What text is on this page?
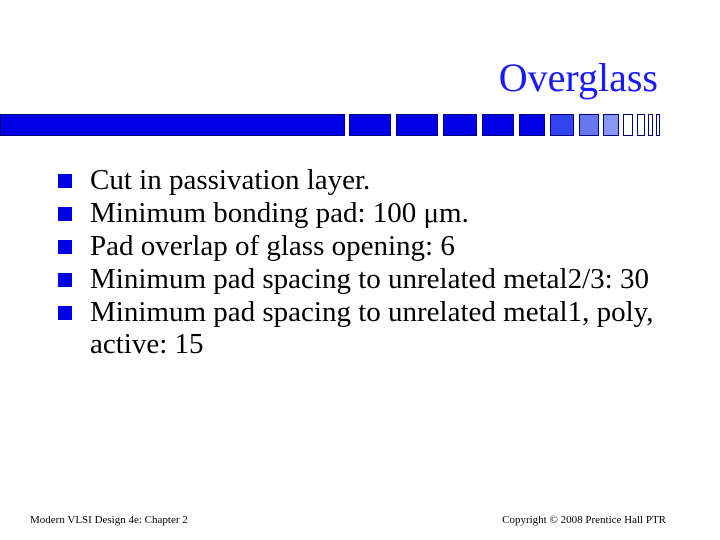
Overglass
Cut in passivation layer.
Minimum bonding pad: 100 μm.
Pad overlap of glass opening: 6
Minimum pad spacing to unrelated metal2/3: 30
Minimum pad spacing to unrelated metal1, poly, active: 15
Modern VLSI Design 4e: Chapter 2	Copyright © 2008 Prentice Hall PTR
